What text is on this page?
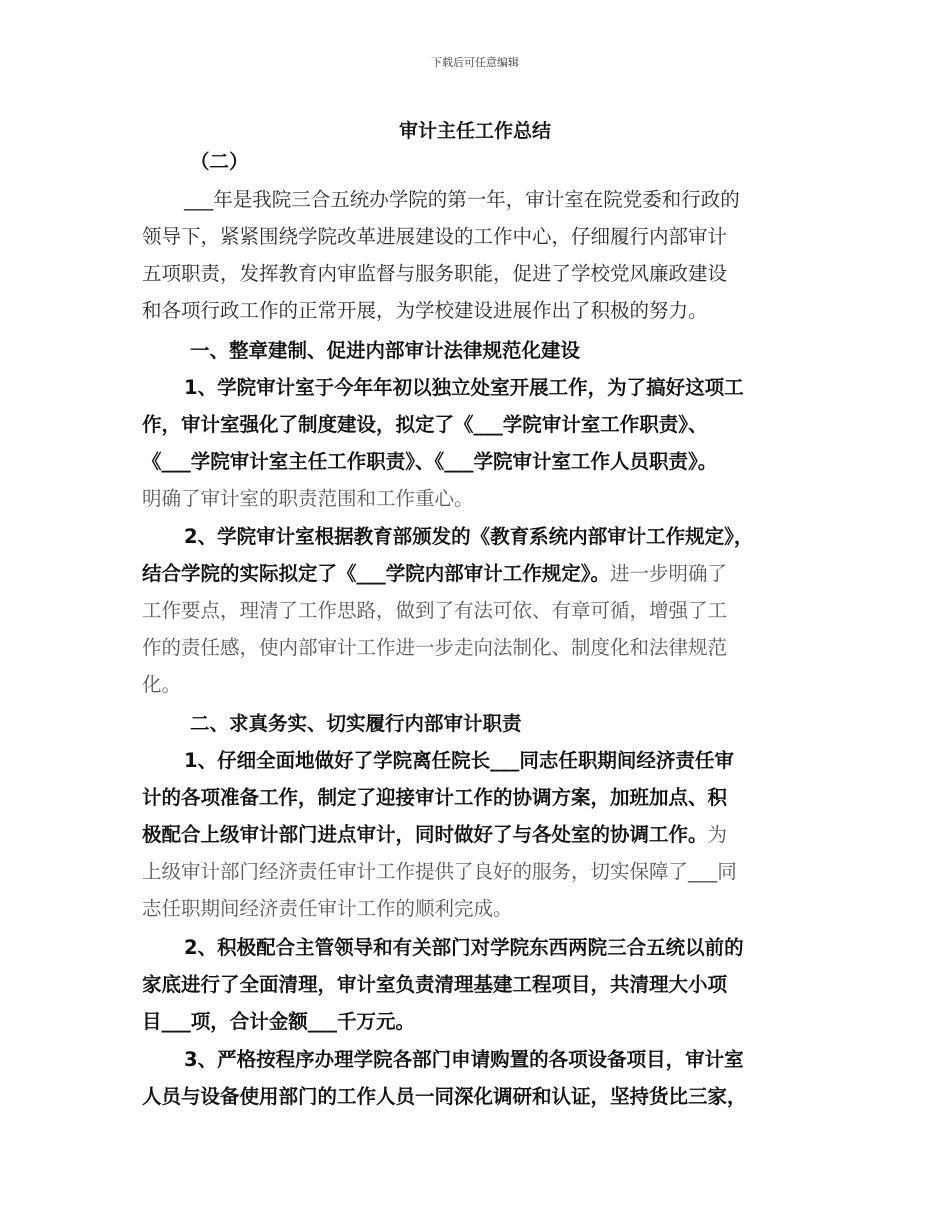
下载后可任意编辑
审计主任工作总结
（二）
___年是我院三合五统办学院的第一年，审计室在院党委和行政的
领导下，紧紧围绕学院改革进展建设的工作中心，仔细履行内部审计
五项职责，发挥教育内审监督与服务职能，促进了学校党风廉政建设
和各项行政工作的正常开展，为学校建设进展作出了积极的努力。
一、整章建制、促进内部审计法律规范化建设
1、学院审计室于今年年初以独立处室开展工作，为了搞好这项工
作，审计室强化了制度建设，拟定了《___学院审计室工作职责》、
《___学院审计室主任工作职责》、《___学院审计室工作人员职责》。
明确了审计室的职责范围和工作重心。
2、学院审计室根据教育部颁发的《教育系统内部审计工作规定》，
结合学院的实际拟定了《___学院内部审计工作规定》。进一步明确了
工作要点，理清了工作思路，做到了有法可依、有章可循，增强了工
作的责任感，使内部审计工作进一步走向法制化、制度化和法律规范
化。
二、求真务实、切实履行内部审计职责
1、仔细全面地做好了学院离任院长___同志任职期间经济责任审
计的各项准备工作，制定了迎接审计工作的协调方案，加班加点、积
极配合上级审计部门进点审计，同时做好了与各处室的协调工作。为
上级审计部门经济责任审计工作提供了良好的服务，切实保障了___同
志任职期间经济责任审计工作的顺利完成。
2、积极配合主管领导和有关部门对学院东西两院三合五统以前的
家底进行了全面清理，审计室负责清理基建工程项目，共清理大小项
目___项，合计金额___千万元。
3、严格按程序办理学院各部门申请购置的各项设备项目，审计室
人员与设备使用部门的工作人员一同深化调研和认证，坚持货比三家，
